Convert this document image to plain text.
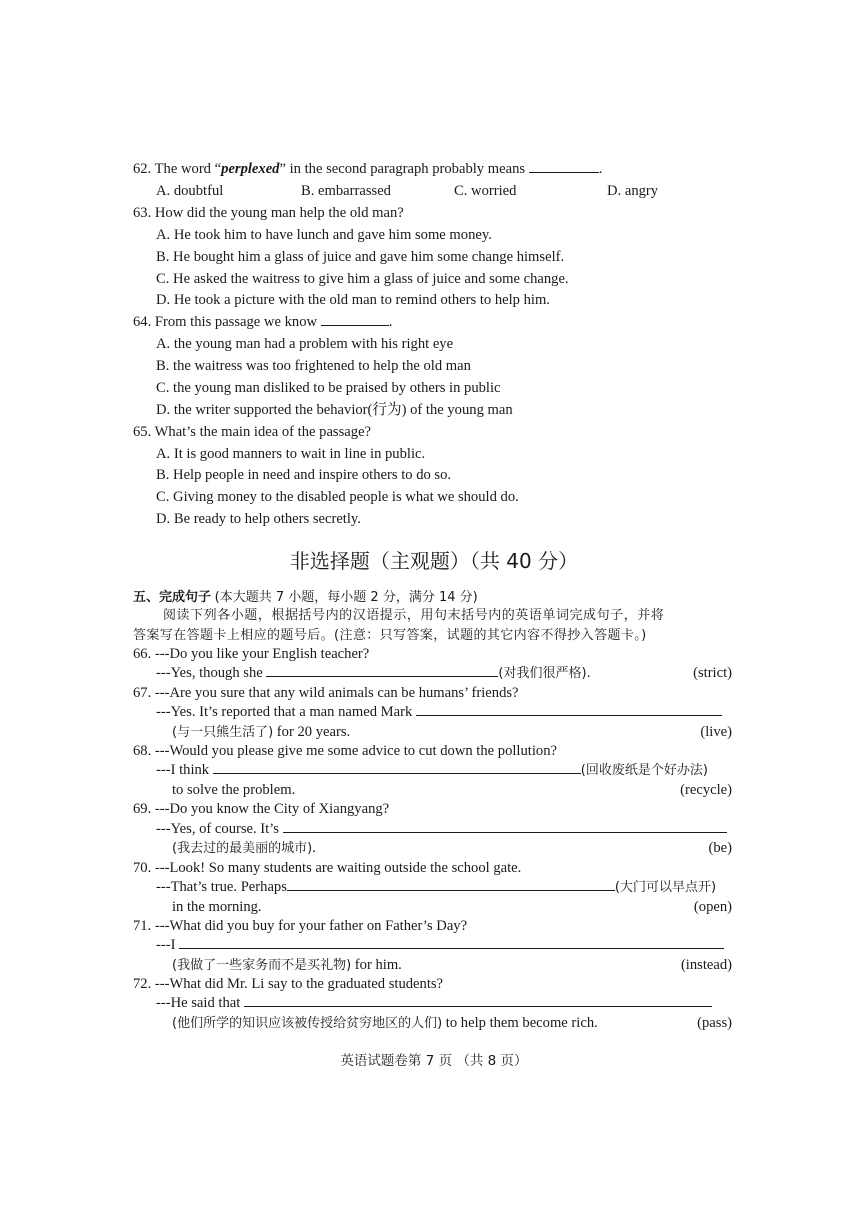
62. The word “perplexed” in the second paragraph probably means	.
A. doubtful	B. embarrassed	C. worried	D. angry
63. How did the young man help the old man?
A. He took him to have lunch and gave him some money.
B. He bought him a glass of juice and gave him some change himself.
C. He asked the waitress to give him a glass of juice and some change.
D. He took a picture with the old man to remind others to help him.
64. From this passage we know	.
A. the young man had a problem with his right eye
B. the waitress was too frightened to help the old man
C. the young man disliked to be praised by others in public
D. the writer supported the behavior(行为) of the young man
65. What’s the main idea of the passage?
A. It is good manners to wait in line in public.
B. Help people in need and inspire others to do so.
C. Giving money to the disabled people is what we should do.
D. Be ready to help others secretly.
非选择题（主观题）（共 40 分）
五、完成句子 (本大题共 7 小题，每小题 2 分，满分 14 分)
阅读下列各小题，根据括号内的汉语提示，用句末括号内的英语单词完成句子，并将
答案写在答题卡上相应的题号后。(注意：只写答案，试题的其它内容不得抄入答题卡。)
66. ---Do you like your English teacher?
---Yes, though she	(对我们很严格).	(strict)
67. ---Are you sure that any wild animals can be humans’ friends?
---Yes. It’s reported that a man named Mark
(与一只熊生活了) for 20 years.	(live)
68. ---Would you please give me some advice to cut down the pollution?
---I think	(回收废纸是个好办法)
to solve the problem.	(recycle)
69. ---Do you know the City of Xiangyang?
---Yes, of course. It’s
(我去过的最美丽的城市).	(be)
70. ---Look! So many students are waiting outside the school gate.
---That’s true. Perhaps	(大门可以早点开)
in the morning.	(open)
71. ---What did you buy for your father on Father’s Day?
---I
(我做了一些家务而不是买礼物) for him.	(instead)
72. ---What did Mr. Li say to the graduated students?
---He said that
(他们所学的知识应该被传授给贫穷地区的人们) to help them become rich.	(pass)
英语试题卷第 7 页 （共 8 页）
